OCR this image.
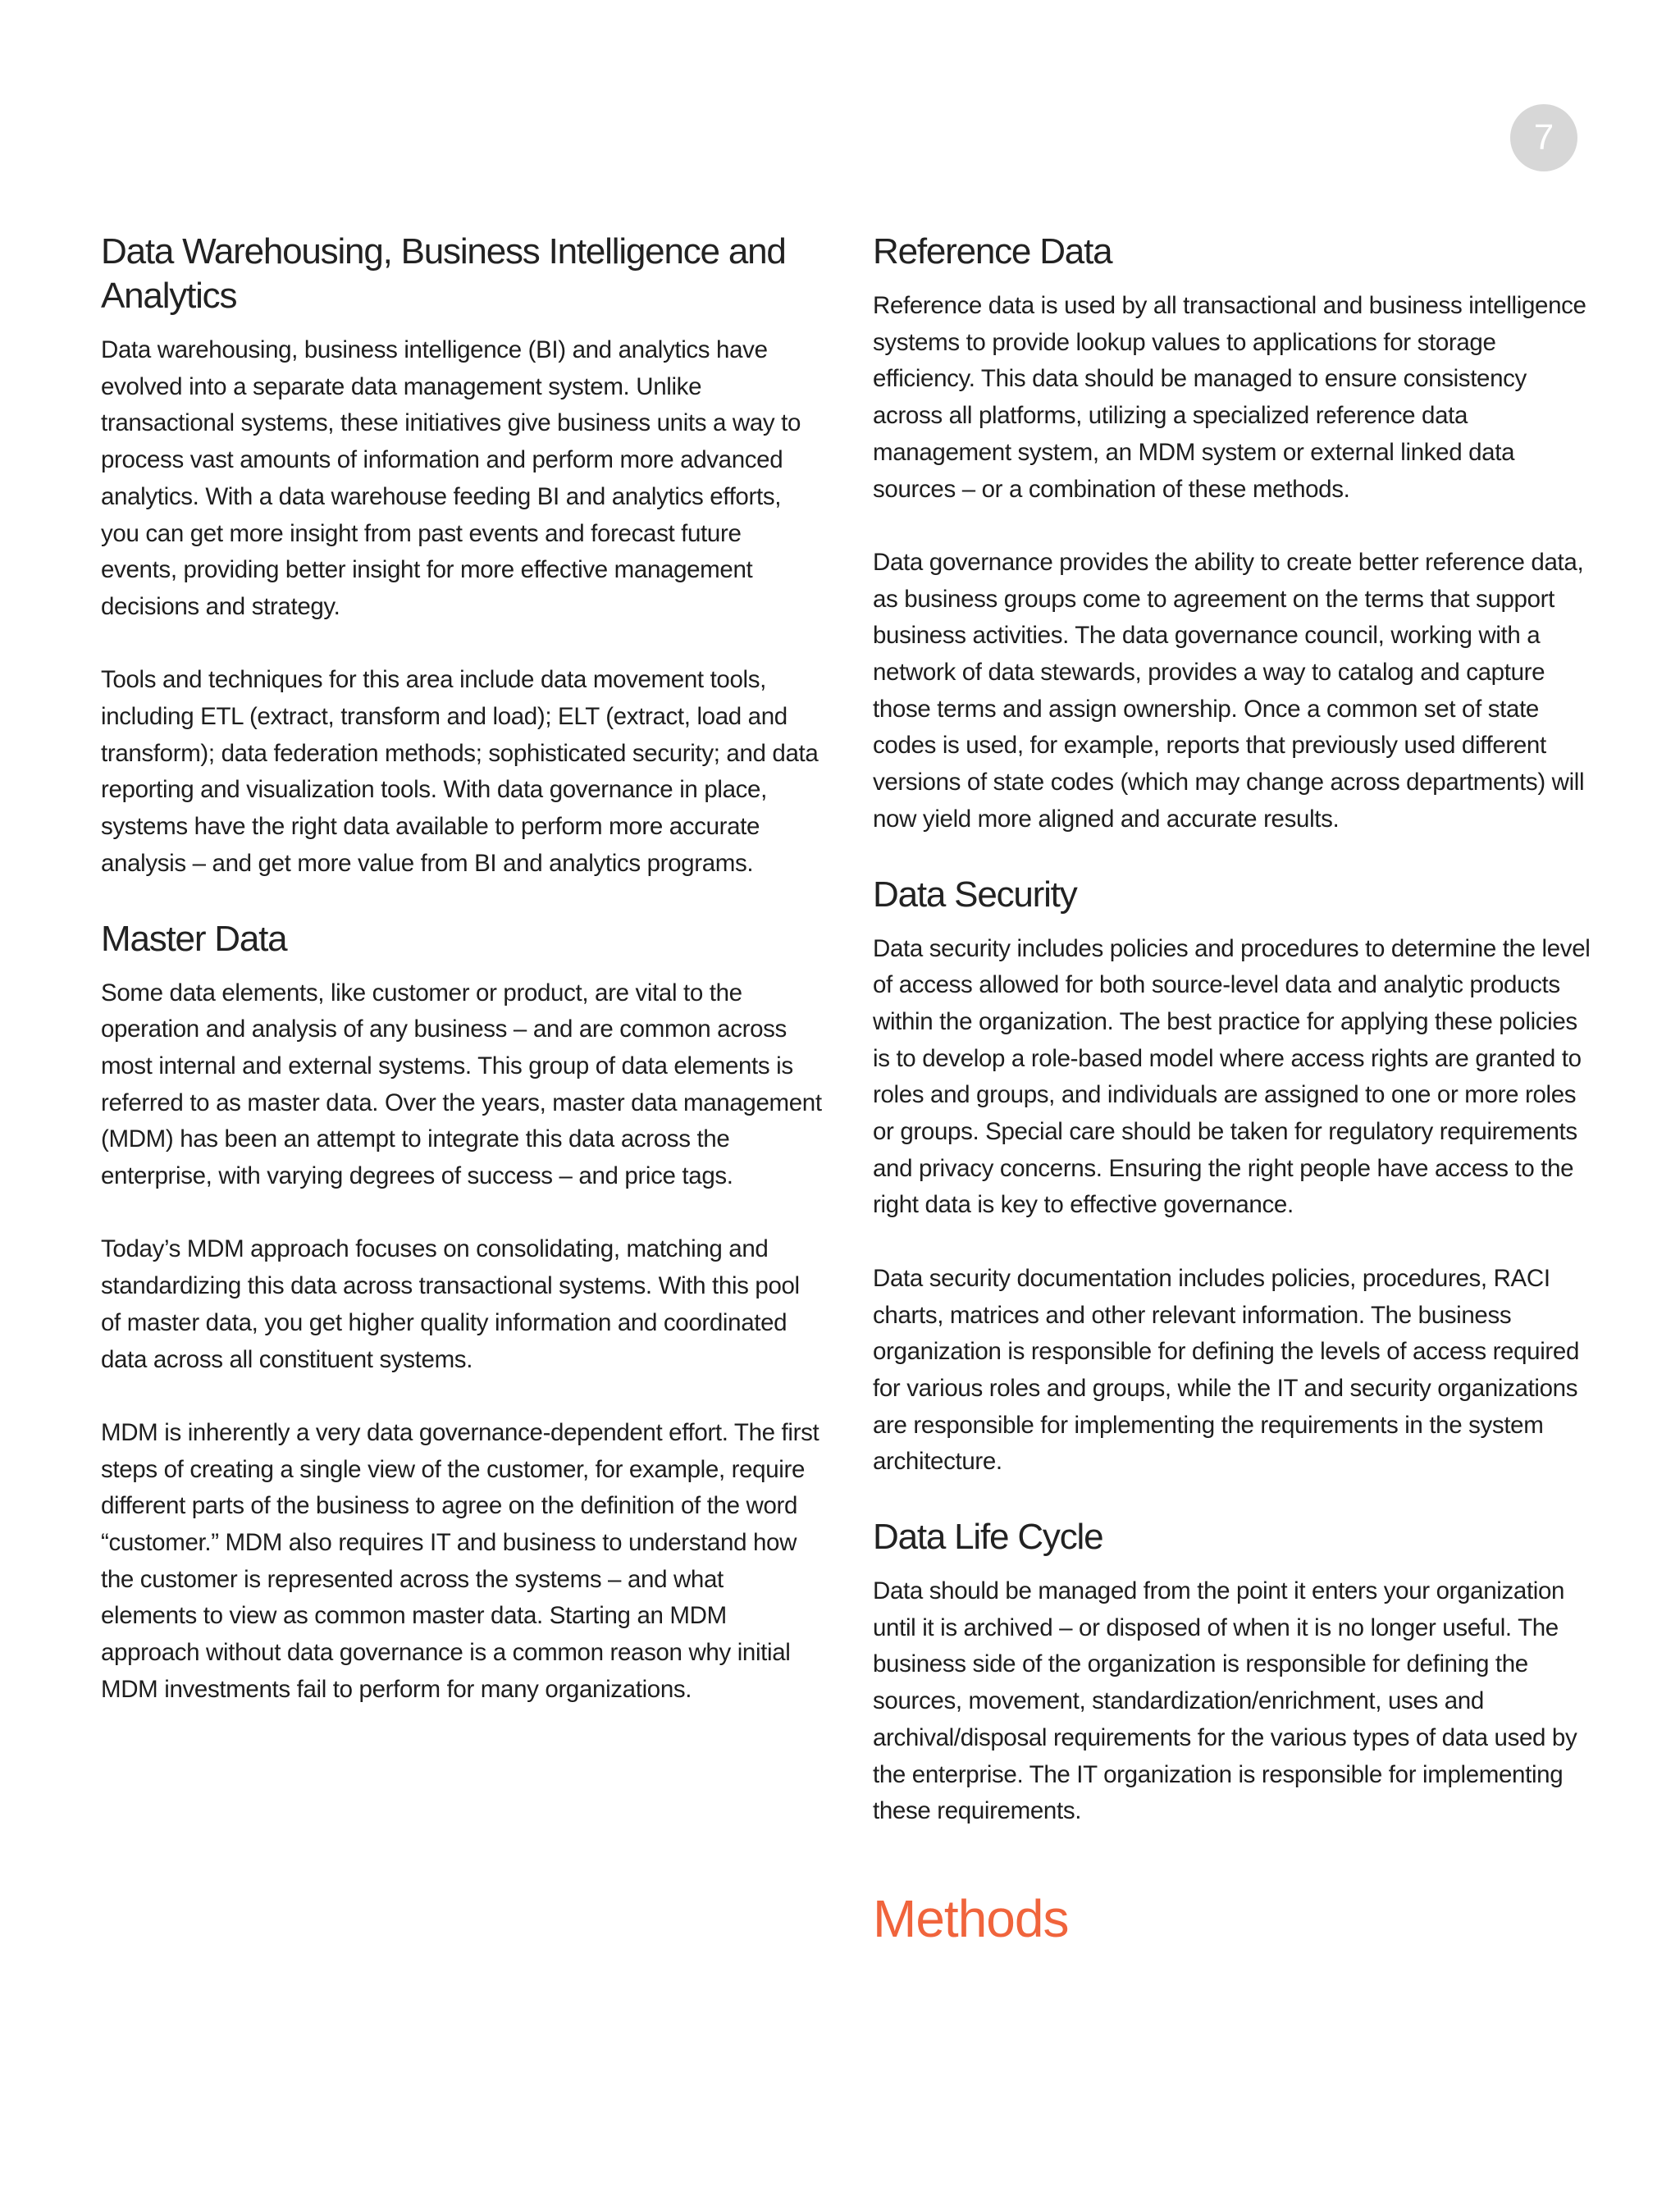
7
Data Warehousing, Business Intelligence and Analytics

Data warehousing, business intelligence (BI) and analytics have evolved into a separate data management system. Unlike transactional systems, these initiatives give business units a way to process vast amounts of information and perform more advanced analytics. With a data warehouse feeding BI and analytics efforts, you can get more insight from past events and forecast future events, providing better insight for more effective management decisions and strategy.

Tools and techniques for this area include data movement tools, including ETL (extract, transform and load); ELT (extract, load and transform); data federation methods; sophisticated security; and data reporting and visualization tools. With data governance in place, systems have the right data available to perform more accurate analysis – and get more value from BI and analytics programs.

Master Data

Some data elements, like customer or product, are vital to the operation and analysis of any business – and are common across most internal and external systems. This group of data elements is referred to as master data. Over the years, master data management (MDM) has been an attempt to integrate this data across the enterprise, with varying degrees of success – and price tags.

Today’s MDM approach focuses on consolidating, matching and standardizing this data across transactional systems. With this pool of master data, you get higher quality information and coordinated data across all constituent systems.

MDM is inherently a very data governance-dependent effort. The first steps of creating a single view of the customer, for example, require different parts of the business to agree on the definition of the word “customer.” MDM also requires IT and business to understand how the customer is represented across the systems – and what elements to view as common master data. Starting an MDM approach without data governance is a common reason why initial MDM investments fail to perform for many organizations.

Reference Data

Reference data is used by all transactional and business intelligence systems to provide lookup values to applications for storage efficiency. This data should be managed to ensure consistency across all platforms, utilizing a specialized reference data management system, an MDM system or external linked data sources – or a combination of these methods.

Data governance provides the ability to create better reference data, as business groups come to agreement on the terms that support business activities. The data governance council, working with a network of data stewards, provides a way to catalog and capture those terms and assign ownership. Once a common set of state codes is used, for example, reports that previously used different versions of state codes (which may change across departments) will now yield more aligned and accurate results.

Data Security

Data security includes policies and procedures to determine the level of access allowed for both source-level data and analytic products within the organization. The best practice for applying these policies is to develop a role-based model where access rights are granted to roles and groups, and individuals are assigned to one or more roles or groups. Special care should be taken for regulatory requirements and privacy concerns. Ensuring the right people have access to the right data is key to effective governance.

Data security documentation includes policies, procedures, RACI charts, matrices and other relevant information. The business organization is responsible for defining the levels of access required for various roles and groups, while the IT and security organizations are responsible for implementing the requirements in the system architecture.

Data Life Cycle

Data should be managed from the point it enters your organization until it is archived – or disposed of when it is no longer useful. The business side of the organization is responsible for defining the sources, movement, standardization/enrichment, uses and archival/disposal requirements for the various types of data used by the enterprise. The IT organization is responsible for implementing these requirements.

Methods
